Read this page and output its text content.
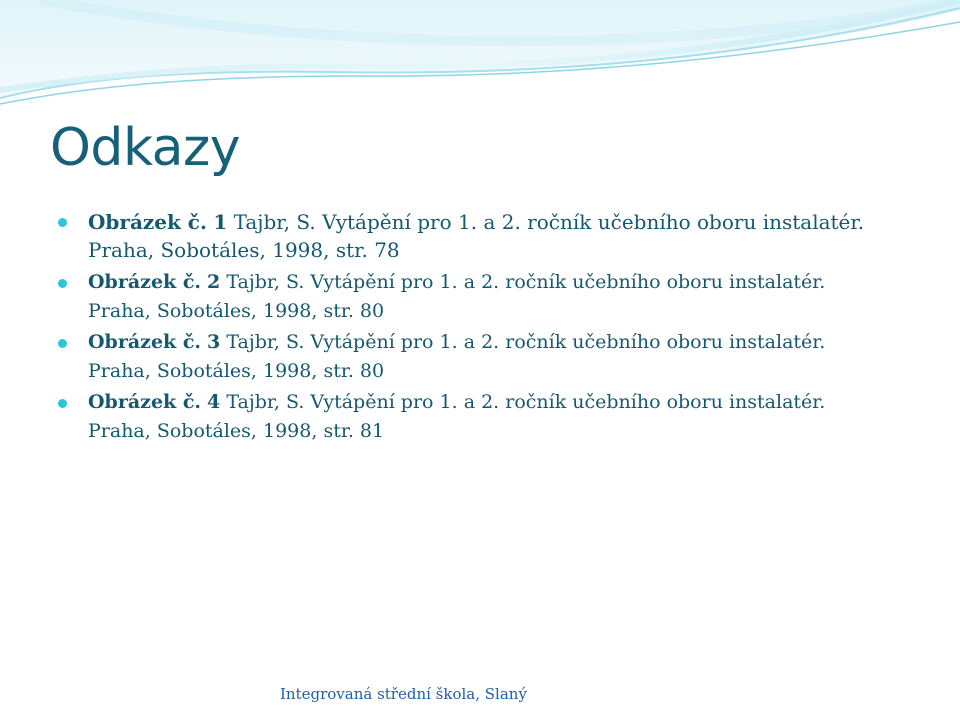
Odkazy
Obrázek č. 1 Tajbr, S. Vytápění pro 1. a 2. ročník učebního oboru instalatér.
Praha, Sobotáles, 1998, str. 78
Obrázek č. 2 Tajbr, S. Vytápění pro 1. a 2. ročník učebního oboru instalatér.
Praha, Sobotáles, 1998, str. 80
Obrázek č. 3 Tajbr, S. Vytápění pro 1. a 2. ročník učebního oboru instalatér.
Praha, Sobotáles, 1998, str. 80
Obrázek č. 4 Tajbr, S. Vytápění pro 1. a 2. ročník učebního oboru instalatér.
Praha, Sobotáles, 1998, str. 81
Integrovaná střední škola, Slaný
